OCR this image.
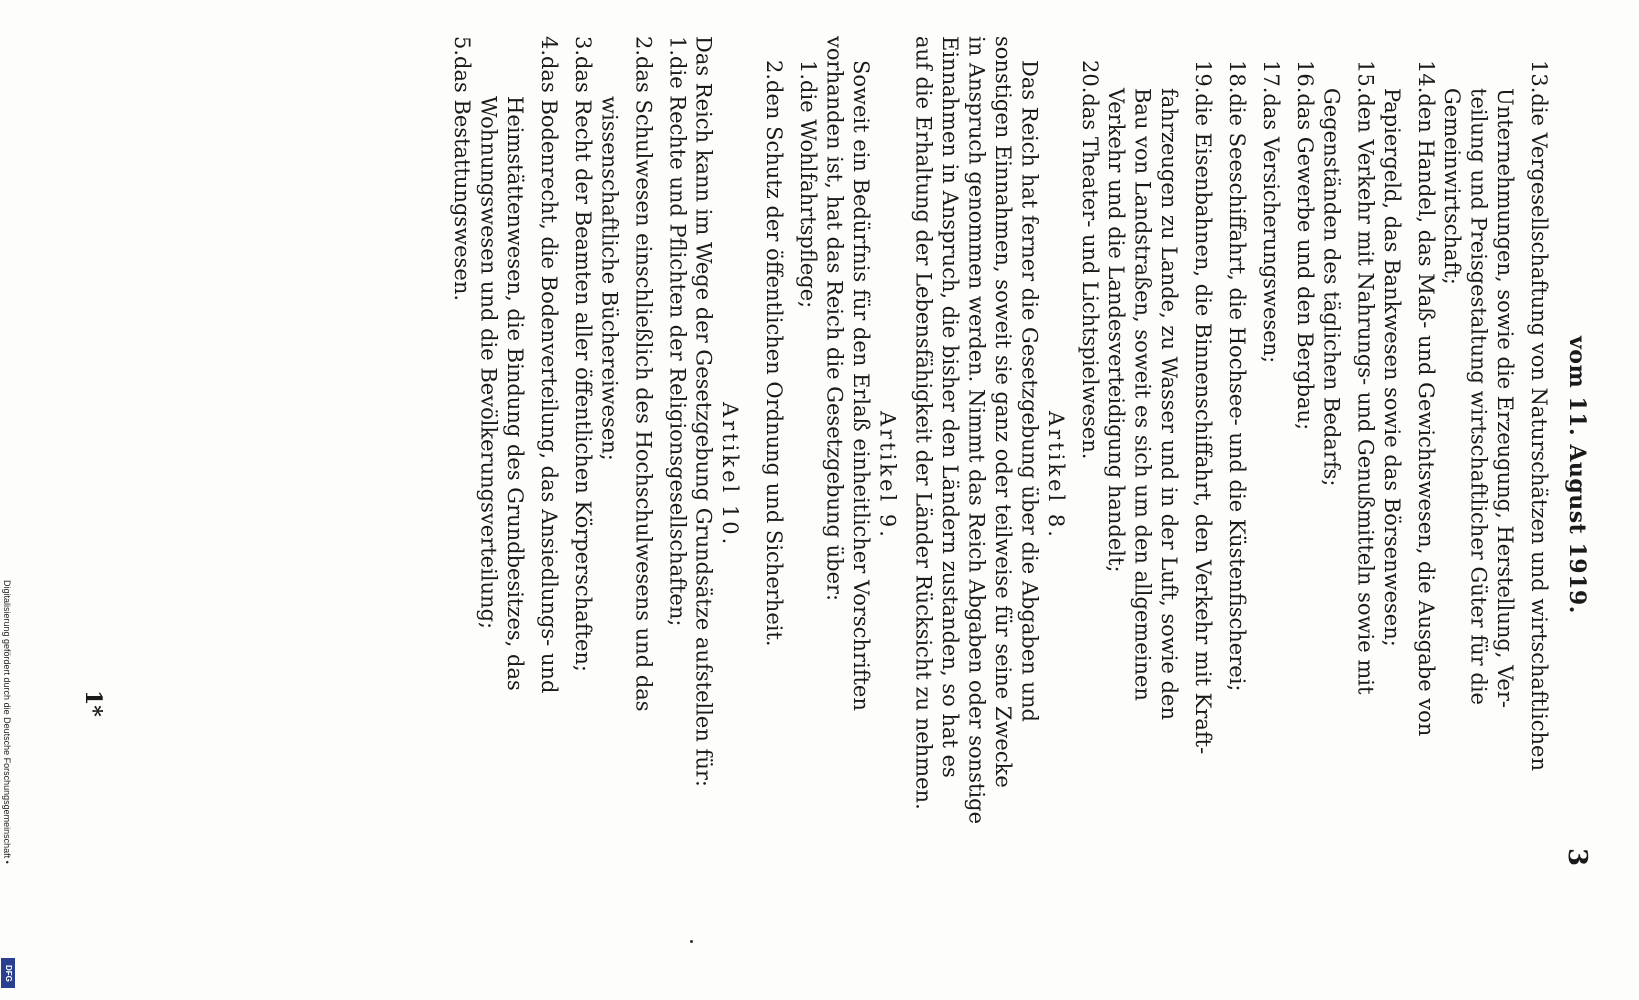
vom 11. August 1919.
3
13.die Vergesellschaftung von Naturschätzen und wirtschaftlichen
Unternehmungen, sowie die Erzeugung, Herstellung, Ver-
teilung und Preisgestaltung wirtschaftlicher Güter für die
Gemeinwirtschaft;
14.den Handel, das Maß- und Gewichtswesen, die Ausgabe von
Papiergeld, das Bankwesen sowie das Börsenwesen;
15.den Verkehr mit Nahrungs- und Genußmitteln sowie mit
Gegenständen des täglichen Bedarfs;
16.das Gewerbe und den Bergbau;
17.das Versicherungswesen;
18.die Seeschiffahrt, die Hochsee- und die Küstenfischerei;
19.die Eisenbahnen, die Binnenschiffahrt, den Verkehr mit Kraft-
fahrzeugen zu Lande, zu Wasser und in der Luft, sowie den
Bau von Landstraßen, soweit es sich um den allgemeinen
Verkehr und die Landesverteidigung handelt;
20.das Theater- und Lichtspielwesen.
Artikel 8.
Das Reich hat ferner die Gesetzgebung über die Abgaben und
sonstigen Einnahmen, soweit sie ganz oder teilweise für seine Zwecke
in Anspruch genommen werden. Nimmt das Reich Abgaben oder sonstige
Einnahmen in Anspruch, die bisher den Ländern zustanden, so hat es
auf die Erhaltung der Lebensfähigkeit der Länder Rücksicht zu nehmen.
Artikel 9.
Soweit ein Bedürfnis für den Erlaß einheitlicher Vorschriften
vorhanden ist, hat das Reich die Gesetzgebung über:
1.die Wohlfahrtspflege;
2.den Schutz der öffentlichen Ordnung und Sicherheit.
Artikel 10.
Das Reich kann im Wege der Gesetzgebung Grundsätze aufstellen für:
1.die Rechte und Pflichten der Religionsgesellschaften;
2.das Schulwesen einschließlich des Hochschulwesens und das
wissenschaftliche Büchereiwesen;
3.das Recht der Beamten aller öffentlichen Körperschaften;
4.das Bodenrecht, die Bodenverteilung, das Ansiedlungs- und
Heimstättenwesen, die Bindung des Grundbesitzes, das
Wohnungswesen und die Bevölkerungsverteilung;
5.das Bestattungswesen.
1*
Digitalisierung gefördert durch die Deutsche Forschungsgemeinschaft •
DFG
